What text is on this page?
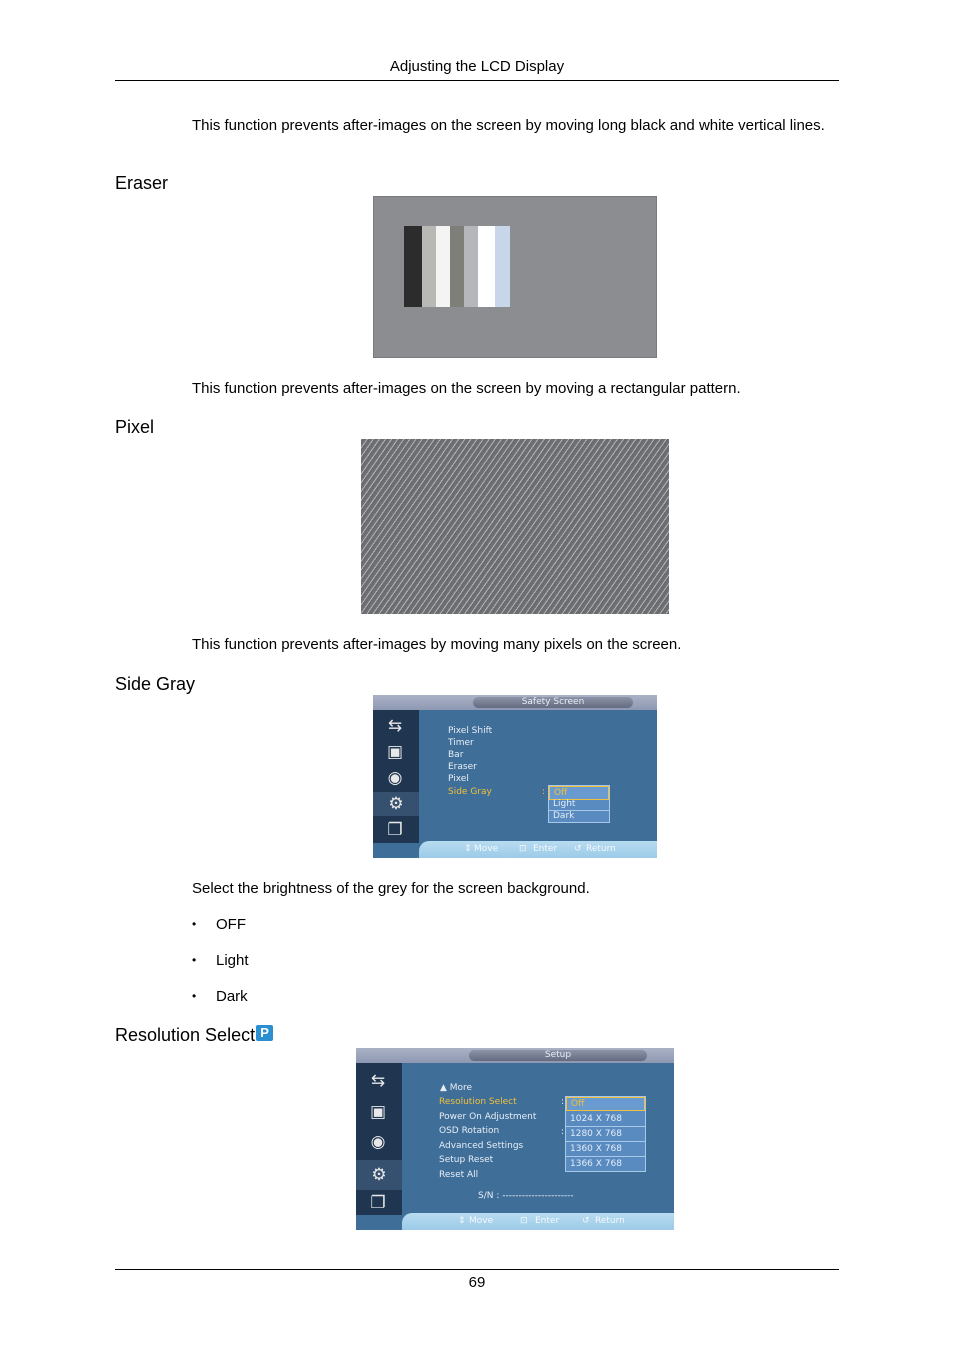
Adjusting the LCD Display
This function prevents after-images on the screen by moving long black and white vertical lines.
Eraser
This function prevents after-images on the screen by moving a rectangular pattern.
Pixel
This function prevents after-images by moving many pixels on the screen.
Side Gray
Safety Screen
⇆
▣
◉
⚙
❐
Pixel Shift
Timer
Bar
Eraser
Pixel
Side Gray	: Off
Light
Dark
⇕ Move ⊡ Enter ↺ Return
Select the brightness of the grey for the screen background.
• OFF
• Light
• Dark
Resolution Select P
Setup
⇆
▣
◉
⚙
❐
▲ More
Resolution Select
Power On Adjustment
OSD Rotation
Advanced Settings
Setup Reset
Reset All
:
:
Off
1024 X 768
1280 X 768
1360 X 768
1366 X 768
S/N : ----------------------
⇕ Move	⊡ Enter	↺ Return
69
